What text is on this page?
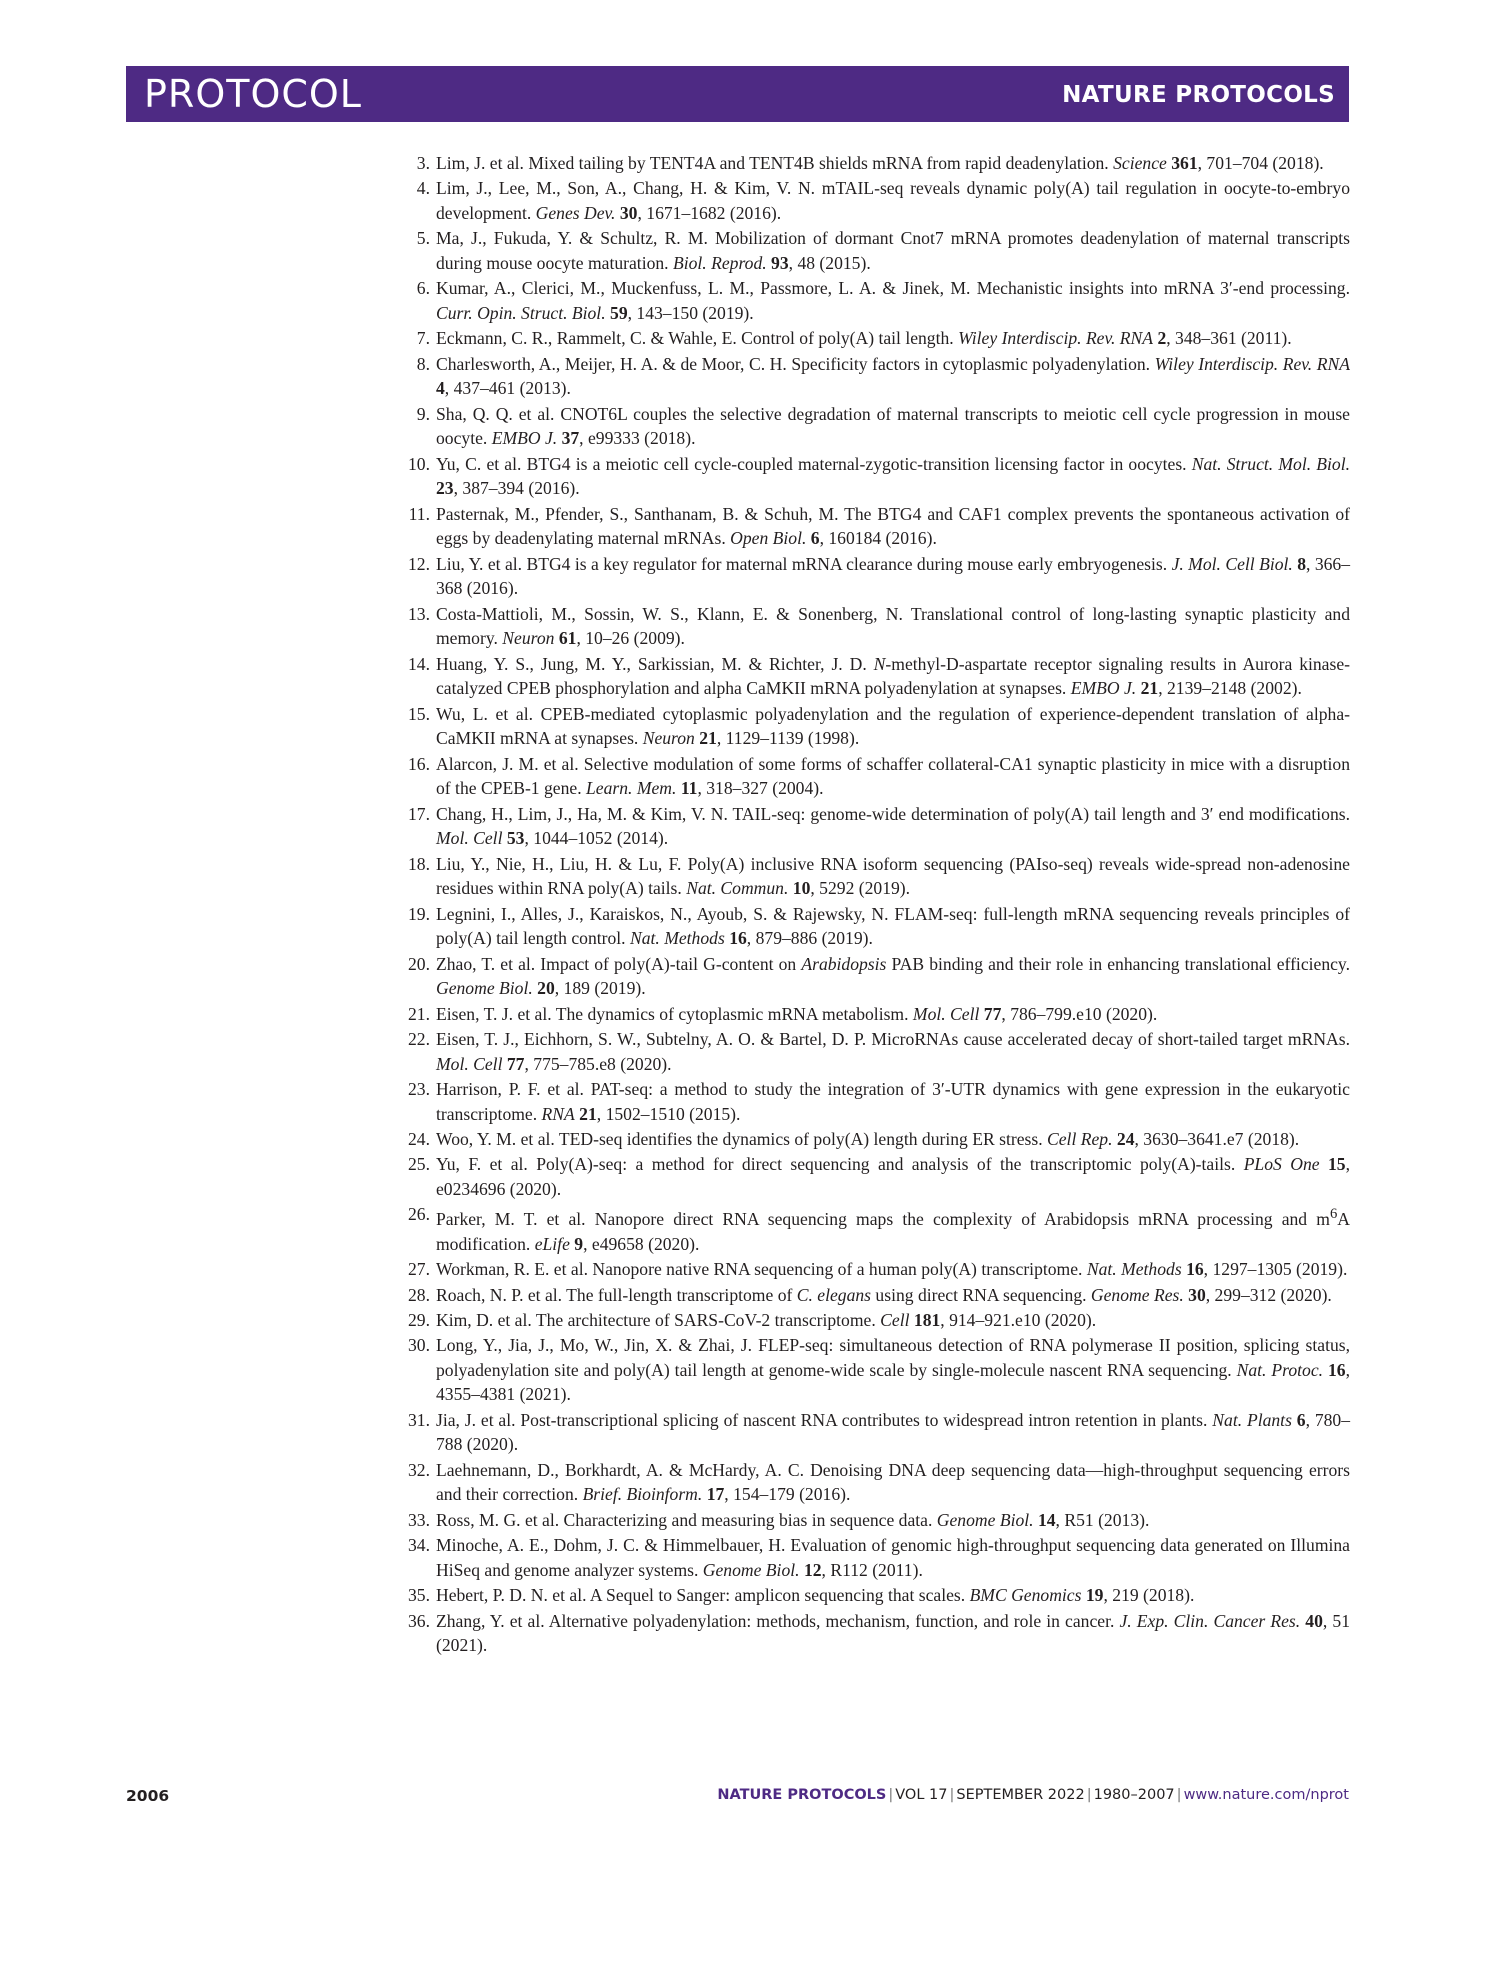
PROTOCOL	NATURE PROTOCOLS
3. Lim, J. et al. Mixed tailing by TENT4A and TENT4B shields mRNA from rapid deadenylation. Science 361, 701–704 (2018).
4. Lim, J., Lee, M., Son, A., Chang, H. & Kim, V. N. mTAIL-seq reveals dynamic poly(A) tail regulation in oocyte-to-embryo development. Genes Dev. 30, 1671–1682 (2016).
5. Ma, J., Fukuda, Y. & Schultz, R. M. Mobilization of dormant Cnot7 mRNA promotes deadenylation of maternal transcripts during mouse oocyte maturation. Biol. Reprod. 93, 48 (2015).
6. Kumar, A., Clerici, M., Muckenfuss, L. M., Passmore, L. A. & Jinek, M. Mechanistic insights into mRNA 3′-end processing. Curr. Opin. Struct. Biol. 59, 143–150 (2019).
7. Eckmann, C. R., Rammelt, C. & Wahle, E. Control of poly(A) tail length. Wiley Interdiscip. Rev. RNA 2, 348–361 (2011).
8. Charlesworth, A., Meijer, H. A. & de Moor, C. H. Specificity factors in cytoplasmic polyadenylation. Wiley Interdiscip. Rev. RNA 4, 437–461 (2013).
9. Sha, Q. Q. et al. CNOT6L couples the selective degradation of maternal transcripts to meiotic cell cycle progression in mouse oocyte. EMBO J. 37, e99333 (2018).
10. Yu, C. et al. BTG4 is a meiotic cell cycle-coupled maternal-zygotic-transition licensing factor in oocytes. Nat. Struct. Mol. Biol. 23, 387–394 (2016).
11. Pasternak, M., Pfender, S., Santhanam, B. & Schuh, M. The BTG4 and CAF1 complex prevents the spontaneous activation of eggs by deadenylating maternal mRNAs. Open Biol. 6, 160184 (2016).
12. Liu, Y. et al. BTG4 is a key regulator for maternal mRNA clearance during mouse early embryogenesis. J. Mol. Cell Biol. 8, 366–368 (2016).
13. Costa-Mattioli, M., Sossin, W. S., Klann, E. & Sonenberg, N. Translational control of long-lasting synaptic plasticity and memory. Neuron 61, 10–26 (2009).
14. Huang, Y. S., Jung, M. Y., Sarkissian, M. & Richter, J. D. N-methyl-D-aspartate receptor signaling results in Aurora kinase-catalyzed CPEB phosphorylation and alpha CaMKII mRNA polyadenylation at synapses. EMBO J. 21, 2139–2148 (2002).
15. Wu, L. et al. CPEB-mediated cytoplasmic polyadenylation and the regulation of experience-dependent translation of alpha-CaMKII mRNA at synapses. Neuron 21, 1129–1139 (1998).
16. Alarcon, J. M. et al. Selective modulation of some forms of schaffer collateral-CA1 synaptic plasticity in mice with a disruption of the CPEB-1 gene. Learn. Mem. 11, 318–327 (2004).
17. Chang, H., Lim, J., Ha, M. & Kim, V. N. TAIL-seq: genome-wide determination of poly(A) tail length and 3′ end modifications. Mol. Cell 53, 1044–1052 (2014).
18. Liu, Y., Nie, H., Liu, H. & Lu, F. Poly(A) inclusive RNA isoform sequencing (PAIso-seq) reveals wide-spread non-adenosine residues within RNA poly(A) tails. Nat. Commun. 10, 5292 (2019).
19. Legnini, I., Alles, J., Karaiskos, N., Ayoub, S. & Rajewsky, N. FLAM-seq: full-length mRNA sequencing reveals principles of poly(A) tail length control. Nat. Methods 16, 879–886 (2019).
20. Zhao, T. et al. Impact of poly(A)-tail G-content on Arabidopsis PAB binding and their role in enhancing translational efficiency. Genome Biol. 20, 189 (2019).
21. Eisen, T. J. et al. The dynamics of cytoplasmic mRNA metabolism. Mol. Cell 77, 786–799.e10 (2020).
22. Eisen, T. J., Eichhorn, S. W., Subtelny, A. O. & Bartel, D. P. MicroRNAs cause accelerated decay of short-tailed target mRNAs. Mol. Cell 77, 775–785.e8 (2020).
23. Harrison, P. F. et al. PAT-seq: a method to study the integration of 3′-UTR dynamics with gene expression in the eukaryotic transcriptome. RNA 21, 1502–1510 (2015).
24. Woo, Y. M. et al. TED-seq identifies the dynamics of poly(A) length during ER stress. Cell Rep. 24, 3630–3641.e7 (2018).
25. Yu, F. et al. Poly(A)-seq: a method for direct sequencing and analysis of the transcriptomic poly(A)-tails. PLoS One 15, e0234696 (2020).
26. Parker, M. T. et al. Nanopore direct RNA sequencing maps the complexity of Arabidopsis mRNA processing and $m^6A$ modification. eLife 9, e49658 (2020).
27. Workman, R. E. et al. Nanopore native RNA sequencing of a human poly(A) transcriptome. Nat. Methods 16, 1297–1305 (2019).
28. Roach, N. P. et al. The full-length transcriptome of C. elegans using direct RNA sequencing. Genome Res. 30, 299–312 (2020).
29. Kim, D. et al. The architecture of SARS-CoV-2 transcriptome. Cell 181, 914–921.e10 (2020).
30. Long, Y., Jia, J., Mo, W., Jin, X. & Zhai, J. FLEP-seq: simultaneous detection of RNA polymerase II position, splicing status, polyadenylation site and poly(A) tail length at genome-wide scale by single-molecule nascent RNA sequencing. Nat. Protoc. 16, 4355–4381 (2021).
31. Jia, J. et al. Post-transcriptional splicing of nascent RNA contributes to widespread intron retention in plants. Nat. Plants 6, 780–788 (2020).
32. Laehnemann, D., Borkhardt, A. & McHardy, A. C. Denoising DNA deep sequencing data—high-throughput sequencing errors and their correction. Brief. Bioinform. 17, 154–179 (2016).
33. Ross, M. G. et al. Characterizing and measuring bias in sequence data. Genome Biol. 14, R51 (2013).
34. Minoche, A. E., Dohm, J. C. & Himmelbauer, H. Evaluation of genomic high-throughput sequencing data generated on Illumina HiSeq and genome analyzer systems. Genome Biol. 12, R112 (2011).
35. Hebert, P. D. N. et al. A Sequel to Sanger: amplicon sequencing that scales. BMC Genomics 19, 219 (2018).
36. Zhang, Y. et al. Alternative polyadenylation: methods, mechanism, function, and role in cancer. J. Exp. Clin. Cancer Res. 40, 51 (2021).
2006	NATURE PROTOCOLS | VOL 17 | SEPTEMBER 2022 | 1980–2007 | www.nature.com/nprot
